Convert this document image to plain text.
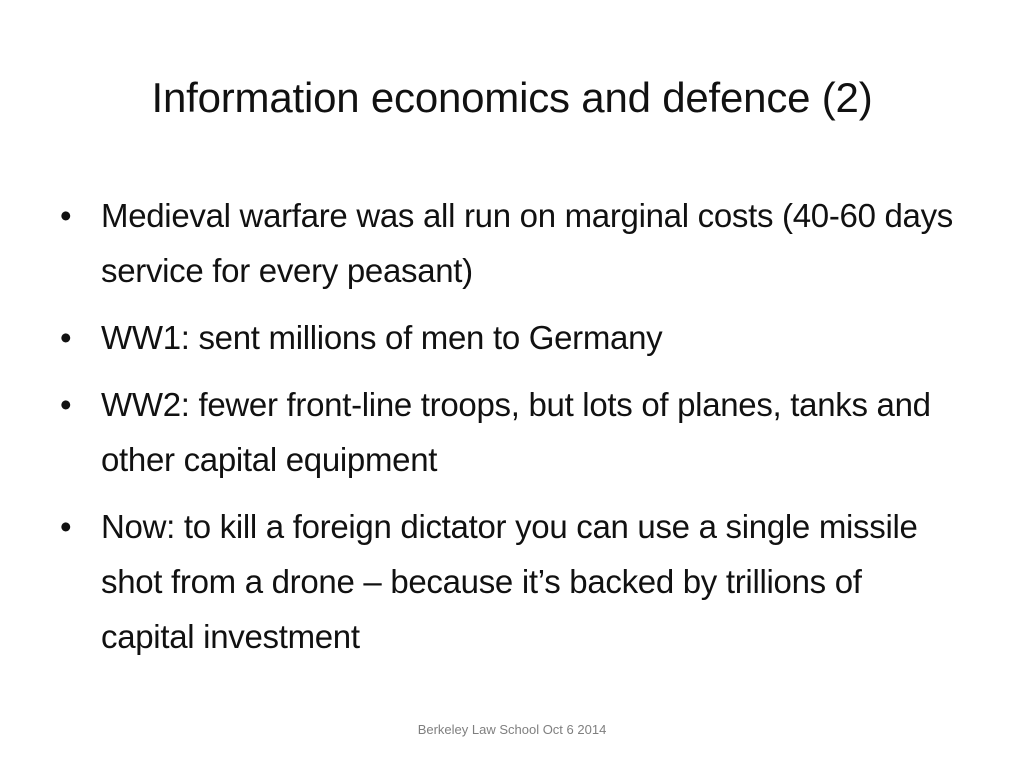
Information economics and defence (2)
• Medieval warfare was all run on marginal costs (40-60 days service for every peasant)
• WW1: sent millions of men to Germany
• WW2: fewer front-line troops, but lots of planes, tanks and other capital equipment
• Now: to kill a foreign dictator you can use a single missile shot from a drone – because it’s backed by trillions of capital investment
Berkeley Law School Oct 6 2014
